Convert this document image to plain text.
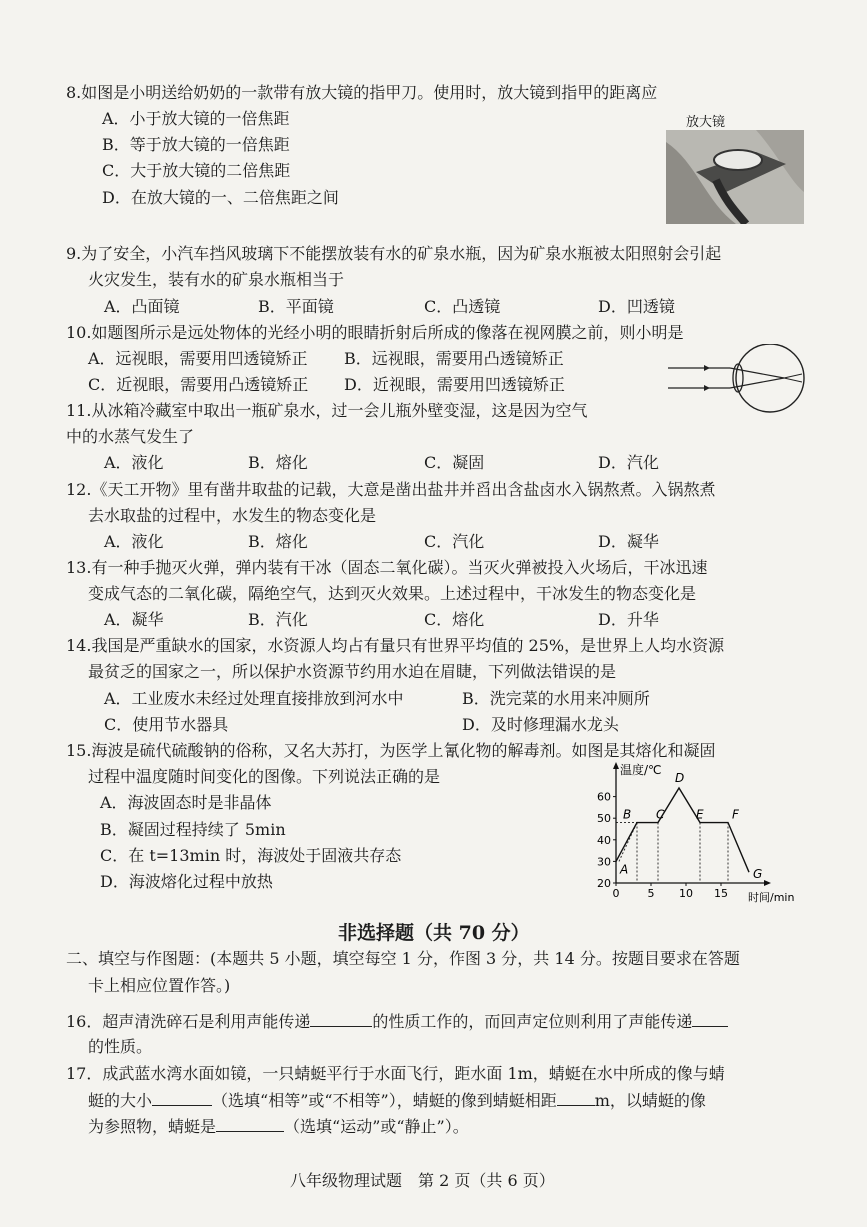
8.如图是小明送给奶奶的一款带有放大镜的指甲刀。使用时，放大镜到指甲的距离应
A．小于放大镜的一倍焦距
B．等于放大镜的一倍焦距
C．大于放大镜的二倍焦距
D．在放大镜的一、二倍焦距之间
放大镜
9.为了安全，小汽车挡风玻璃下不能摆放装有水的矿泉水瓶，因为矿泉水瓶被太阳照射会引起
火灾发生，装有水的矿泉水瓶相当于
A．凸面镜	B．平面镜	C．凸透镜	D．凹透镜
10.如题图所示是远处物体的光经小明的眼睛折射后所成的像落在视网膜之前，则小明是
A．远视眼，需要用凹透镜矫正 B．远视眼，需要用凸透镜矫正
C．近视眼，需要用凸透镜矫正 D．近视眼，需要用凹透镜矫正
11.从冰箱冷藏室中取出一瓶矿泉水，过一会儿瓶外壁变湿，这是因为空气
中的水蒸气发生了
A．液化	B．熔化	C．凝固	D．汽化
12.《天工开物》里有凿井取盐的记载，大意是凿出盐井并舀出含盐卤水入锅熬煮。入锅熬煮
去水取盐的过程中，水发生的物态变化是
A．液化	B．熔化	C．汽化	D．凝华
13.有一种手抛灭火弹，弹内装有干冰（固态二氧化碳）。当灭火弹被投入火场后，干冰迅速
变成气态的二氧化碳，隔绝空气，达到灭火效果。上述过程中，干冰发生的物态变化是
A．凝华	B．汽化	C．熔化	D．升华
14.我国是严重缺水的国家，水资源人均占有量只有世界平均值的 25%，是世界上人均水资源
最贫乏的国家之一，所以保护水资源节约用水迫在眉睫，下列做法错误的是
A．工业废水未经过处理直接排放到河水中	B．洗完菜的水用来冲厕所
C．使用节水器具	D．及时修理漏水龙头
15.海波是硫代硫酸钠的俗称，又名大苏打，为医学上氰化物的解毒剂。如图是其熔化和凝固
过程中温度随时间变化的图像。下列说法正确的是
A．海波固态时是非晶体
B．凝固过程持续了 5min
C．在 t=13min 时，海波处于固液共存态
D．海波熔化过程中放热	20
30
40
50
60
0	5 10 15
A
B C
D
E F
G
温度/℃
时间/min
非选择题（共 70 分）
二、填空与作图题：(本题共 5 小题，填空每空 1 分，作图 3 分，共 14 分。按题目要求在答题
卡上相应位置作答。)
16．超声清洗碎石是利用声能传递	的性质工作的，而回声定位则利用了声能传递
的性质。
17．成武蓝水湾水面如镜，一只蜻蜓平行于水面飞行，距水面 1m，蜻蜓在水中所成的像与蜻
蜓的大小	（选填“相等”或“不相等”），蜻蜓的像到蜻蜓相距 m，以蜻蜓的像
为参照物，蜻蜓是	（选填“运动”或“静止”）。
八年级物理试题　第 2 页（共 6 页）
